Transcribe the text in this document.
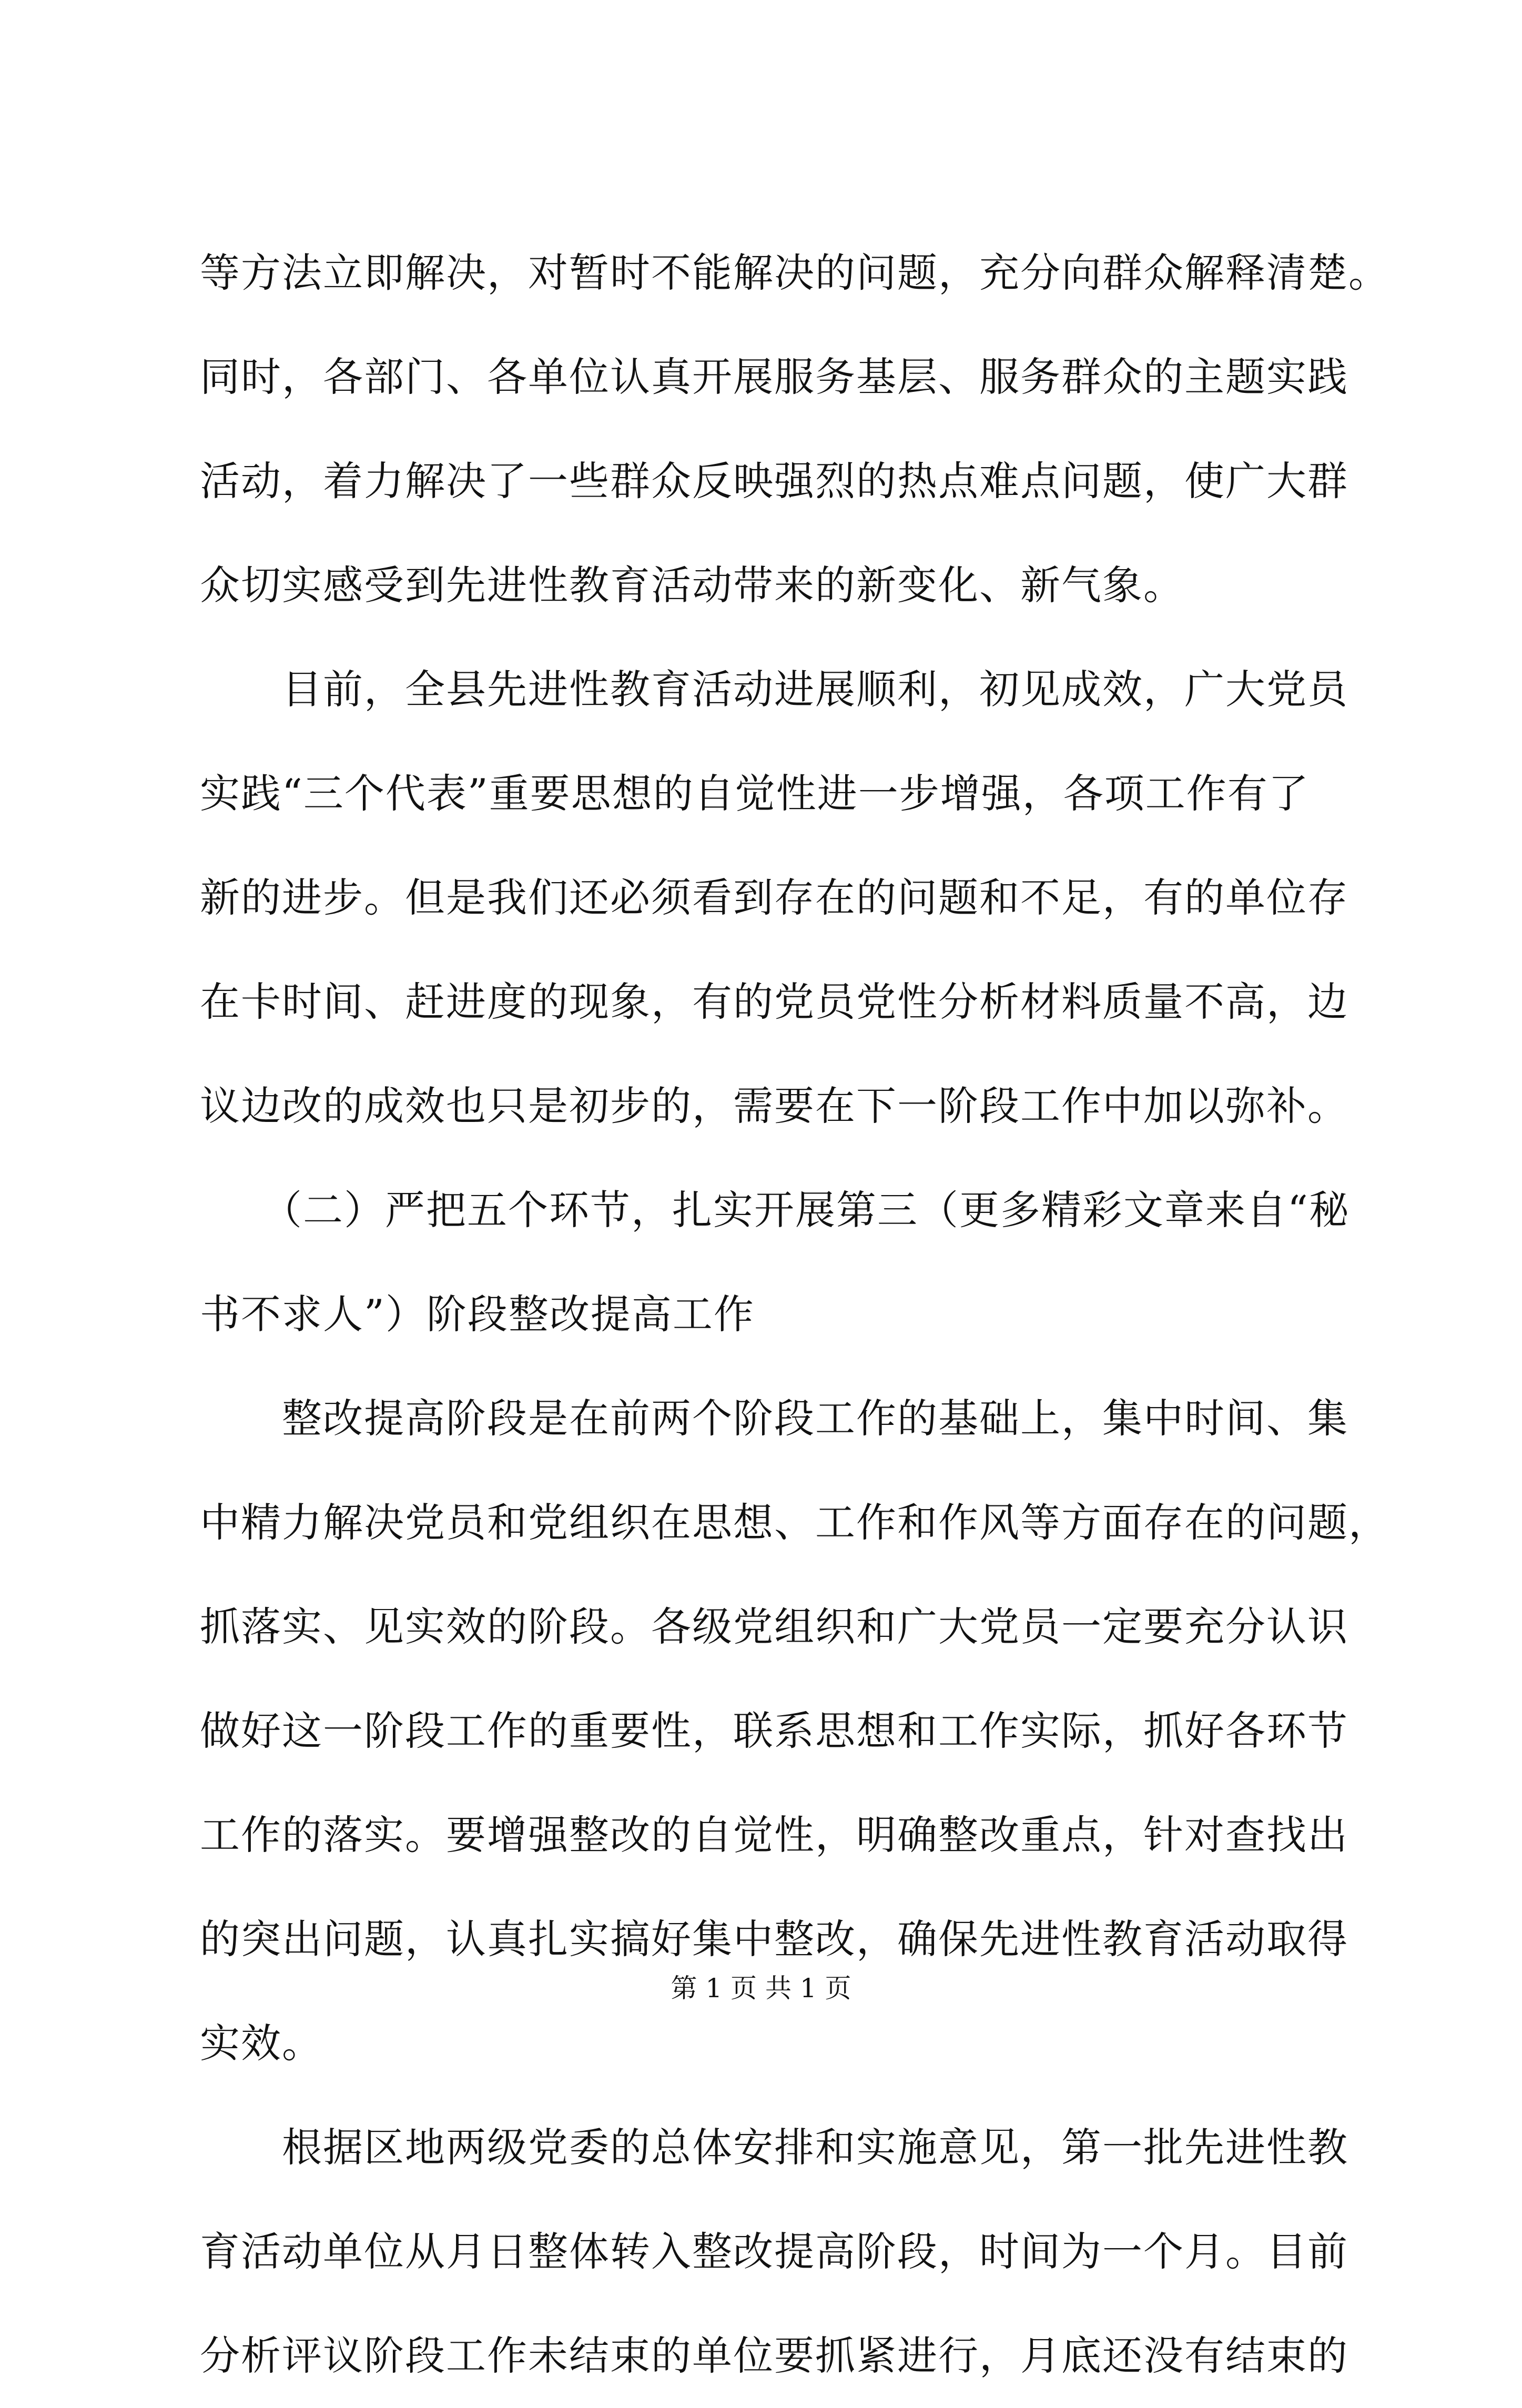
等方法立即解决，对暂时不能解决的问题，充分向群众解释清楚。
同时，各部门、各单位认真开展服务基层、服务群众的主题实践
活动，着力解决了一些群众反映强烈的热点难点问题，使广大群
众切实感受到先进性教育活动带来的新变化、新气象。
　　目前，全县先进性教育活动进展顺利，初见成效，广大党员
实践“三个代表”重要思想的自觉性进一步增强，各项工作有了
新的进步。但是我们还必须看到存在的问题和不足，有的单位存
在卡时间、赶进度的现象，有的党员党性分析材料质量不高，边
议边改的成效也只是初步的，需要在下一阶段工作中加以弥补。
　　（二）严把五个环节，扎实开展第三（更多精彩文章来自“秘
书不求人”）阶段整改提高工作
　　整改提高阶段是在前两个阶段工作的基础上，集中时间、集
中精力解决党员和党组织在思想、工作和作风等方面存在的问题，
抓落实、见实效的阶段。各级党组织和广大党员一定要充分认识
做好这一阶段工作的重要性，联系思想和工作实际，抓好各环节
工作的落实。要增强整改的自觉性，明确整改重点，针对查找出
的突出问题，认真扎实搞好集中整改，确保先进性教育活动取得
实效。
　　根据区地两级党委的总体安排和实施意见，第一批先进性教
育活动单位从月日整体转入整改提高阶段，时间为一个月。目前
分析评议阶段工作未结束的单位要抓紧进行，月底还没有结束的
第 1 页 共 1 页
